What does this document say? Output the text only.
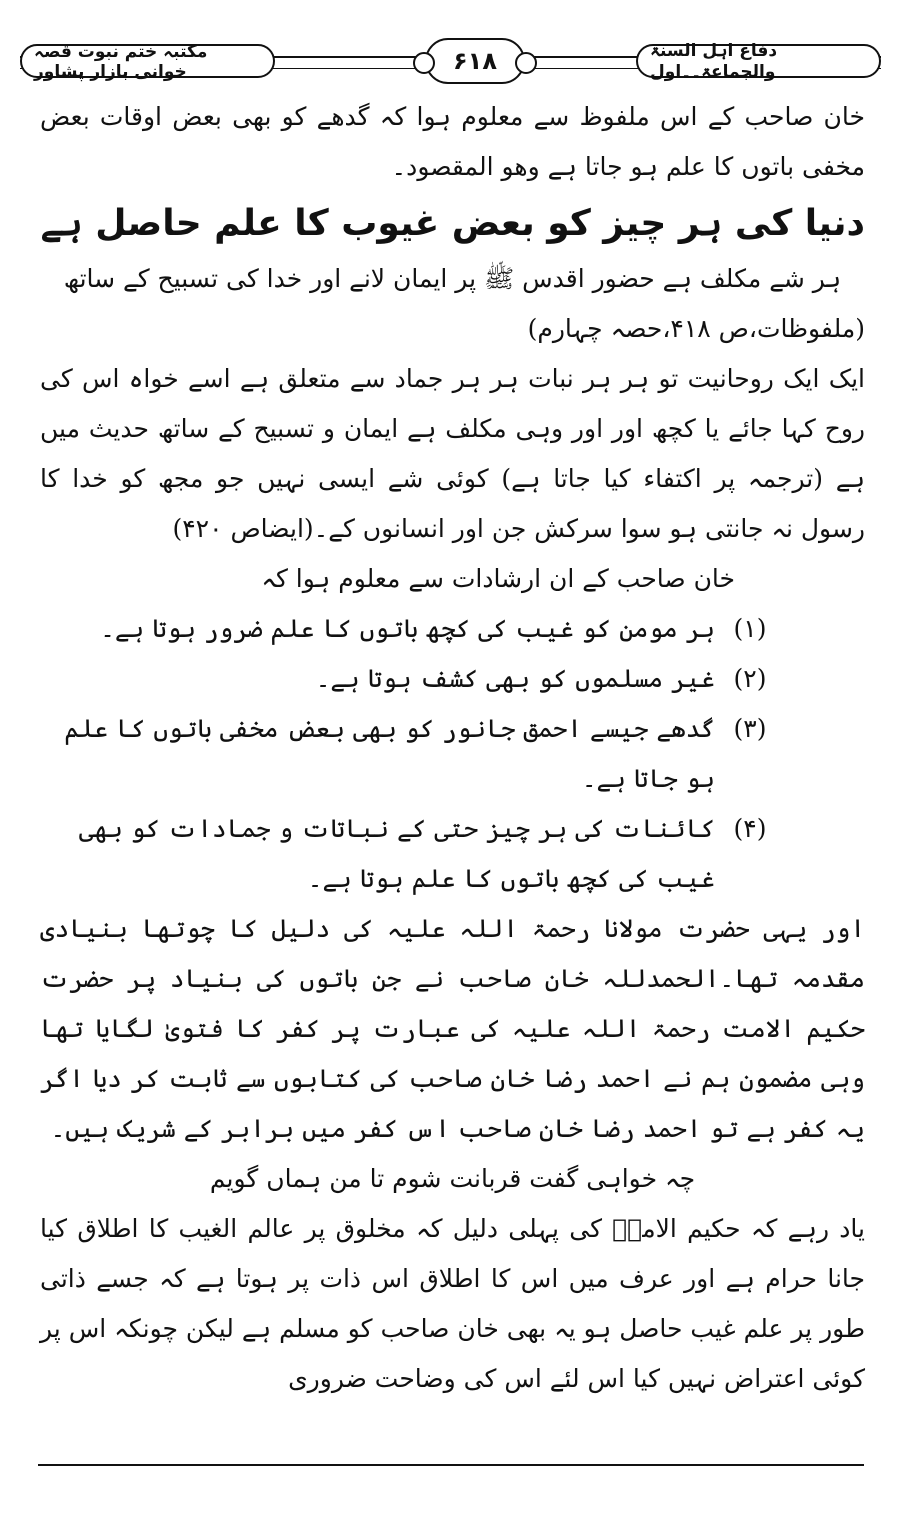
دفاع اہل السنۃ والجماعۃ۔۔اول
۶۱۸
مکتبہ ختم نبوت قصہ خوانی بازار پشاور

خان صاحب کے اس ملفوظ سے معلوم ہوا کہ گدھے کو بھی بعض اوقات بعض مخفی باتوں کا علم ہو جاتا ہے وھو المقصود۔

دنیا کی ہر چیز کو بعض غیوب کا علم حاصل ہے

ہر شے مکلف ہے حضور اقدس ﷺ پر ایمان لانے اور خدا کی تسبیح کے ساتھ

(ملفوظات،ص ۴۱۸،حصہ چہارم)

ایک ایک روحانیت تو ہر ہر نبات ہر ہر جماد سے متعلق ہے اسے خواہ اس کی روح کہا جائے یا کچھ اور اور وہی مکلف ہے ایمان و تسبیح کے ساتھ حدیث میں ہے (ترجمہ پر اکتفاء کیا جاتا ہے) کوئی شے ایسی نہیں جو مجھ کو خدا کا رسول نہ جانتی ہو سوا سرکش جن اور انسانوں کے۔(ایضاص ۴۲۰)

خان صاحب کے ان ارشادات سے معلوم ہوا کہ

(۱)
ہر مومن کو غیب کی کچھ باتوں کا علم ضرور ہوتا ہے۔
(۲)
غیر مسلموں کو بھی کشف ہوتا ہے۔
(۳)
گدھے جیسے احمق جانور کو بھی بعض مخفی باتوں کا علم ہو جاتا ہے۔
(۴)
کائنات کی ہر چیز حتی کے نباتات و جمادات کو بھی غیب کی کچھ باتوں کا علم ہوتا ہے۔

اور یہی حضرت مولانا رحمۃ اللہ علیہ کی دلیل کا چوتھا بنیادی مقدمہ تھا۔الحمدللہ خان صاحب نے جن باتوں کی بنیاد پر حضرت حکیم الامت رحمۃ اللہ علیہ کی عبارت پر کفر کا فتویٰ لگایا تھا وہی مضمون ہم نے احمد رضا خان صاحب کی کتابوں سے ثابت کر دیا اگر یہ کفر ہے تو احمد رضا خان صاحب اس کفر میں برابر کے شریک ہیں۔

چہ خواہی گفت قربانت شوم تا من ہماں گویم

یاد رہے کہ حکیم الامتؒ کی پہلی دلیل کہ مخلوق پر عالم الغیب کا اطلاق کیا جانا حرام ہے اور عرف میں اس کا اطلاق اس ذات پر ہوتا ہے کہ جسے ذاتی طور پر علم غیب حاصل ہو یہ بھی خان صاحب کو مسلم ہے لیکن چونکہ اس پر کوئی اعتراض نہیں کیا اس لئے اس کی وضاحت ضروری
